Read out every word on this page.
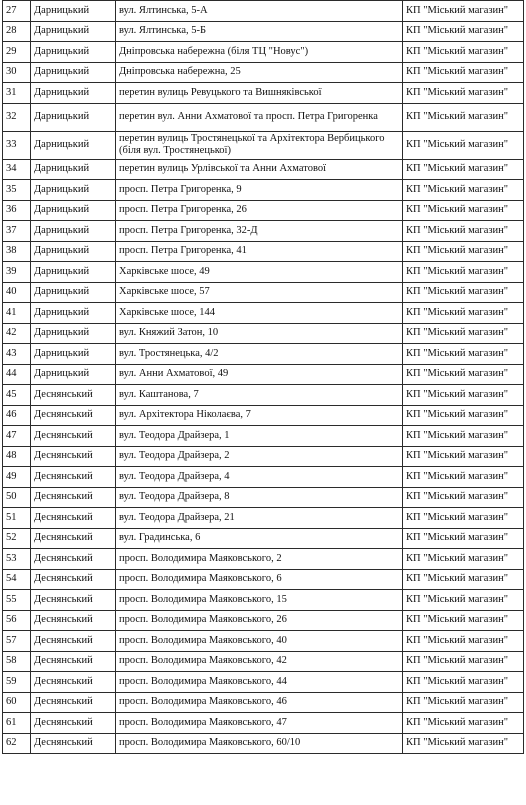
27	Дарницький	вул. Ялтинська, 5-А	КП "Міський магазин"
28	Дарницький	вул. Ялтинська, 5-Б	КП "Міський магазин"
29	Дарницький	Дніпровська набережна (біля ТЦ "Новус")	КП "Міський магазин"
30	Дарницький	Дніпровська набережна, 25	КП "Міський магазин"
31	Дарницький	перетин вулиць Ревуцького та Вишняківської	КП "Міський магазин"
32	Дарницький	перетин вул. Анни Ахматової та просп. Петра Григоренка	КП "Міський магазин"
33	Дарницький	перетин вулиць Тростянецької та Архітектора Вербицького (біля вул. Тростянецької)	КП "Міський магазин"
34	Дарницький	перетин вулиць Урлівської та Анни Ахматової	КП "Міський магазин"
35	Дарницький	просп. Петра Григоренка, 9	КП "Міський магазин"
36	Дарницький	просп. Петра Григоренка, 26	КП "Міський магазин"
37	Дарницький	просп. Петра Григоренка, 32-Д	КП "Міський магазин"
38	Дарницький	просп. Петра Григоренка, 41	КП "Міський магазин"
39	Дарницький	Харківське шосе, 49	КП "Міський магазин"
40	Дарницький	Харківське шосе, 57	КП "Міський магазин"
41	Дарницький	Харківське шосе, 144	КП "Міський магазин"
42	Дарницький	вул. Княжий Затон, 10	КП "Міський магазин"
43	Дарницький	вул. Тростянецька, 4/2	КП "Міський магазин"
44	Дарницький	вул. Анни Ахматової, 49	КП "Міський магазин"
45	Деснянський	вул. Каштанова, 7	КП "Міський магазин"
46	Деснянський	вул. Архітектора Ніколаєва, 7	КП "Міський магазин"
47	Деснянський	вул. Теодора Драйзера, 1	КП "Міський магазин"
48	Деснянський	вул. Теодора Драйзера, 2	КП "Міський магазин"
49	Деснянський	вул. Теодора Драйзера, 4	КП "Міський магазин"
50	Деснянський	вул. Теодора Драйзера, 8	КП "Міський магазин"
51	Деснянський	вул. Теодора Драйзера, 21	КП "Міський магазин"
52	Деснянський	вул. Градинська, 6	КП "Міський магазин"
53	Деснянський	просп. Володимира Маяковського, 2	КП "Міський магазин"
54	Деснянський	просп. Володимира Маяковського, 6	КП "Міський магазин"
55	Деснянський	просп. Володимира Маяковського, 15	КП "Міський магазин"
56	Деснянський	просп. Володимира Маяковського, 26	КП "Міський магазин"
57	Деснянський	просп. Володимира Маяковського, 40	КП "Міський магазин"
58	Деснянський	просп. Володимира Маяковського, 42	КП "Міський магазин"
59	Деснянський	просп. Володимира Маяковського, 44	КП "Міський магазин"
60	Деснянський	просп. Володимира Маяковського, 46	КП "Міський магазин"
61	Деснянський	просп. Володимира Маяковського, 47	КП "Міський магазин"
62	Деснянський	просп. Володимира Маяковського, 60/10	КП "Міський магазин"
